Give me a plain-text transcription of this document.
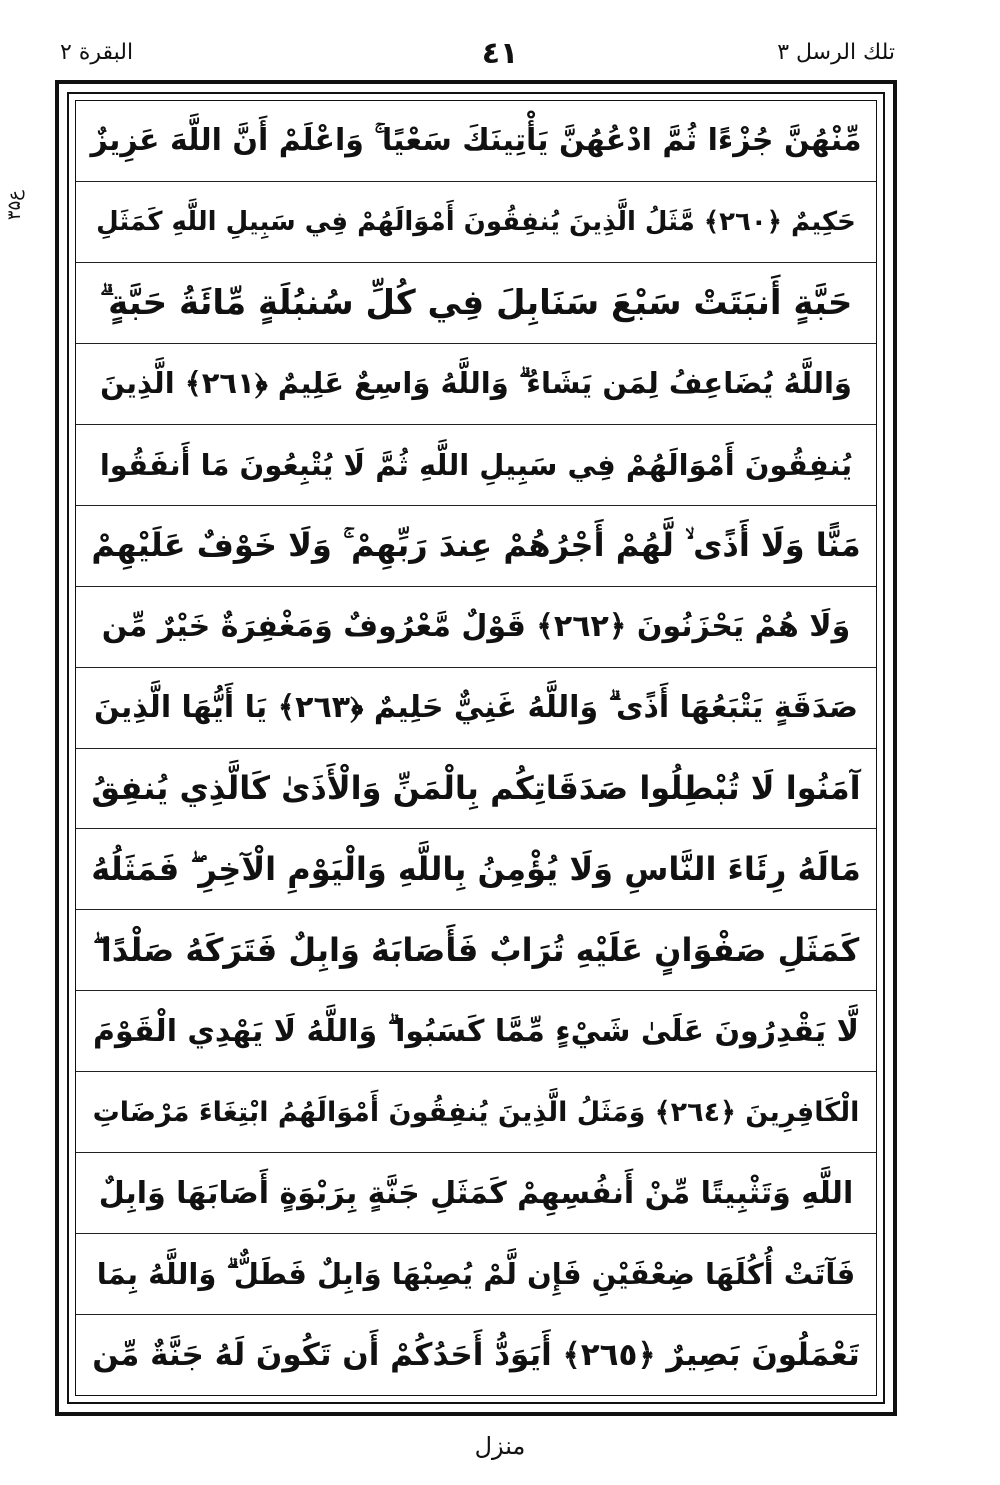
البقرة ۲	٤١	تلك الرسل ۳
۳۵ع
مِّنْهُنَّ جُزْءًا ثُمَّ ادْعُهُنَّ يَأْتِينَكَ سَعْيًا ۚ وَاعْلَمْ أَنَّ اللَّهَ عَزِيزٌ
حَكِيمٌ ﴿٢٦٠﴾ مَّثَلُ الَّذِينَ يُنفِقُونَ أَمْوَالَهُمْ فِي سَبِيلِ اللَّهِ كَمَثَلِ
حَبَّةٍ أَنبَتَتْ سَبْعَ سَنَابِلَ فِي كُلِّ سُنبُلَةٍ مِّائَةُ حَبَّةٍ ۗ
وَاللَّهُ يُضَاعِفُ لِمَن يَشَاءُ ۗ وَاللَّهُ وَاسِعٌ عَلِيمٌ ﴿٢٦١﴾ الَّذِينَ
يُنفِقُونَ أَمْوَالَهُمْ فِي سَبِيلِ اللَّهِ ثُمَّ لَا يُتْبِعُونَ مَا أَنفَقُوا
مَنًّا وَلَا أَذًى ۙ لَّهُمْ أَجْرُهُمْ عِندَ رَبِّهِمْ ۚ وَلَا خَوْفٌ عَلَيْهِمْ
وَلَا هُمْ يَحْزَنُونَ ﴿٢٦٢﴾ قَوْلٌ مَّعْرُوفٌ وَمَغْفِرَةٌ خَيْرٌ مِّن
صَدَقَةٍ يَتْبَعُهَا أَذًى ۗ وَاللَّهُ غَنِيٌّ حَلِيمٌ ﴿٢٦٣﴾ يَا أَيُّهَا الَّذِينَ
آمَنُوا لَا تُبْطِلُوا صَدَقَاتِكُم بِالْمَنِّ وَالْأَذَىٰ كَالَّذِي يُنفِقُ
مَالَهُ رِئَاءَ النَّاسِ وَلَا يُؤْمِنُ بِاللَّهِ وَالْيَوْمِ الْآخِرِ ۖ فَمَثَلُهُ
كَمَثَلِ صَفْوَانٍ عَلَيْهِ تُرَابٌ فَأَصَابَهُ وَابِلٌ فَتَرَكَهُ صَلْدًا ۖ
لَّا يَقْدِرُونَ عَلَىٰ شَيْءٍ مِّمَّا كَسَبُوا ۗ وَاللَّهُ لَا يَهْدِي الْقَوْمَ
الْكَافِرِينَ ﴿٢٦٤﴾ وَمَثَلُ الَّذِينَ يُنفِقُونَ أَمْوَالَهُمُ ابْتِغَاءَ مَرْضَاتِ
اللَّهِ وَتَثْبِيتًا مِّنْ أَنفُسِهِمْ كَمَثَلِ جَنَّةٍ بِرَبْوَةٍ أَصَابَهَا وَابِلٌ
فَآتَتْ أُكُلَهَا ضِعْفَيْنِ فَإِن لَّمْ يُصِبْهَا وَابِلٌ فَطَلٌّ ۗ وَاللَّهُ بِمَا
تَعْمَلُونَ بَصِيرٌ ﴿٢٦٥﴾ أَيَوَدُّ أَحَدُكُمْ أَن تَكُونَ لَهُ جَنَّةٌ مِّن
منزل
